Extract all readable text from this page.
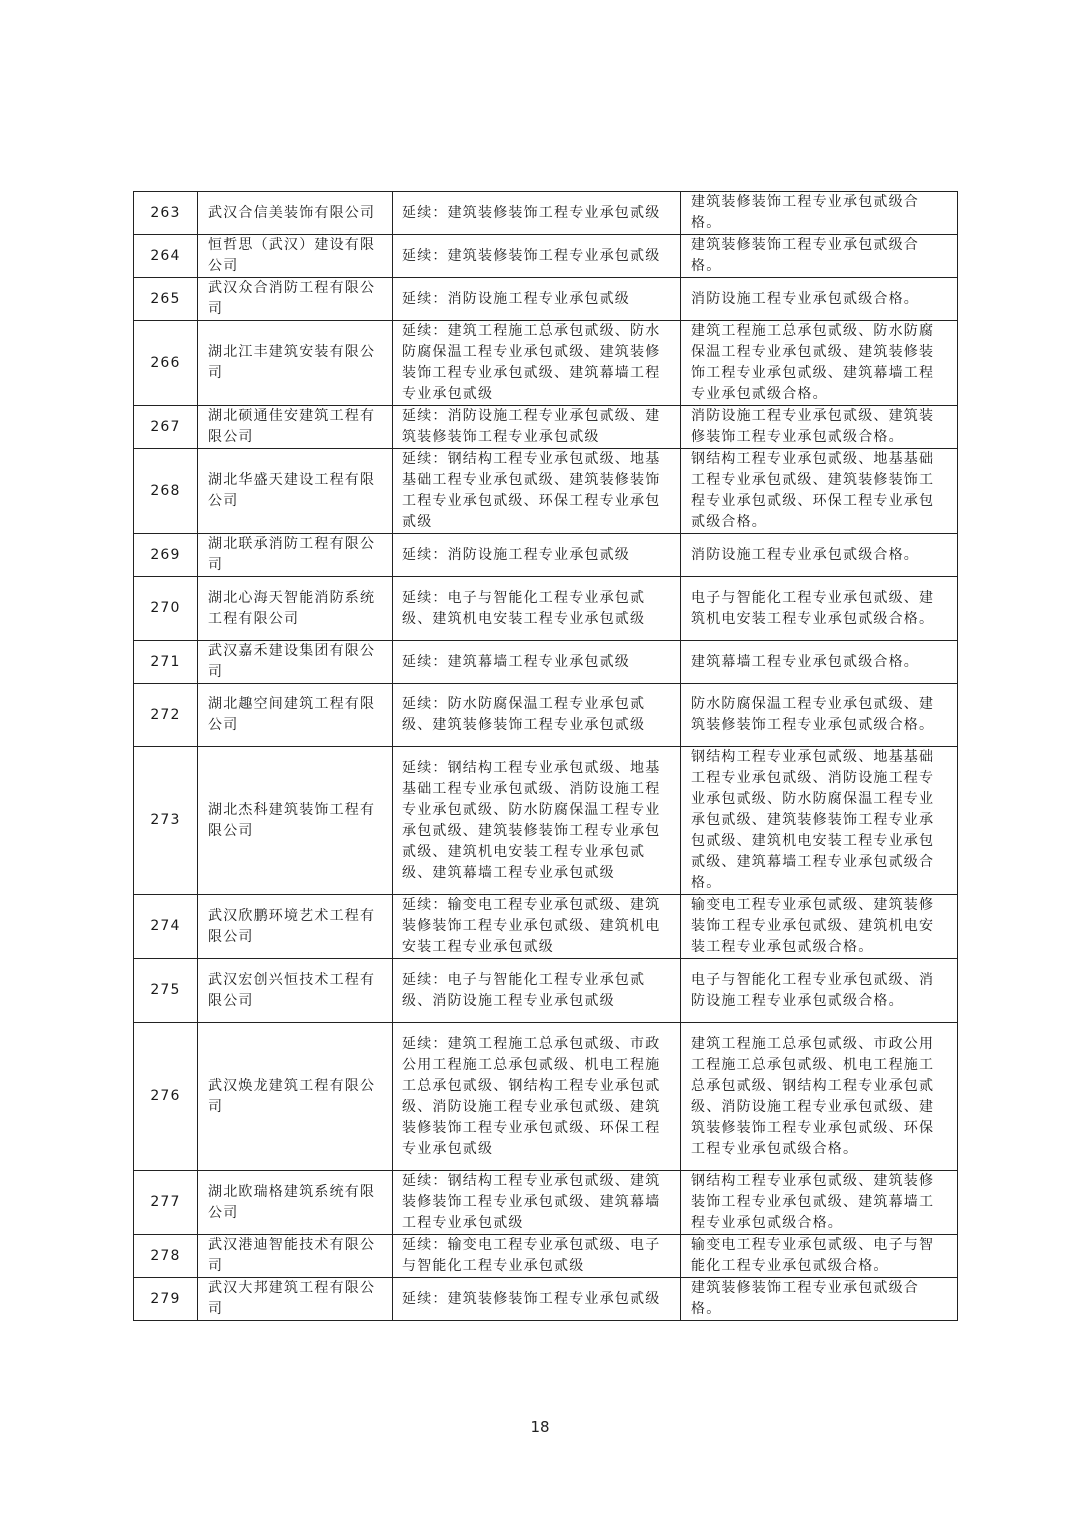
263	武汉合信美装饰有限公司	延续：建筑装修装饰工程专业承包贰级	建筑装修装饰工程专业承包贰级合格。

264	恒哲思（武汉）建设有限公司	延续：建筑装修装饰工程专业承包贰级	建筑装修装饰工程专业承包贰级合格。

265	武汉众合消防工程有限公司	延续：消防设施工程专业承包贰级	消防设施工程专业承包贰级合格。

266	湖北江丰建筑安装有限公司	延续：建筑工程施工总承包贰级、防水防腐保温工程专业承包贰级、建筑装修装饰工程专业承包贰级、建筑幕墙工程专业承包贰级	建筑工程施工总承包贰级、防水防腐保温工程专业承包贰级、建筑装修装饰工程专业承包贰级、建筑幕墙工程专业承包贰级合格。

267	湖北硕通佳安建筑工程有限公司	延续：消防设施工程专业承包贰级、建筑装修装饰工程专业承包贰级	消防设施工程专业承包贰级、建筑装修装饰工程专业承包贰级合格。

268	湖北华盛天建设工程有限公司	延续：钢结构工程专业承包贰级、地基基础工程专业承包贰级、建筑装修装饰工程专业承包贰级、环保工程专业承包贰级	钢结构工程专业承包贰级、地基基础工程专业承包贰级、建筑装修装饰工程专业承包贰级、环保工程专业承包贰级合格。

269	湖北联承消防工程有限公司	延续：消防设施工程专业承包贰级	消防设施工程专业承包贰级合格。

270	湖北心海天智能消防系统工程有限公司	延续：电子与智能化工程专业承包贰级、建筑机电安装工程专业承包贰级	电子与智能化工程专业承包贰级、建筑机电安装工程专业承包贰级合格。

271	武汉嘉禾建设集团有限公司	延续：建筑幕墙工程专业承包贰级	建筑幕墙工程专业承包贰级合格。

272	湖北趣空间建筑工程有限公司	延续：防水防腐保温工程专业承包贰级、建筑装修装饰工程专业承包贰级	防水防腐保温工程专业承包贰级、建筑装修装饰工程专业承包贰级合格。

273	湖北杰科建筑装饰工程有限公司	延续：钢结构工程专业承包贰级、地基基础工程专业承包贰级、消防设施工程专业承包贰级、防水防腐保温工程专业承包贰级、建筑装修装饰工程专业承包贰级、建筑机电安装工程专业承包贰级、建筑幕墙工程专业承包贰级	钢结构工程专业承包贰级、地基基础工程专业承包贰级、消防设施工程专业承包贰级、防水防腐保温工程专业承包贰级、建筑装修装饰工程专业承包贰级、建筑机电安装工程专业承包贰级、建筑幕墙工程专业承包贰级合格。

274	武汉欣鹏环境艺术工程有限公司	延续：输变电工程专业承包贰级、建筑装修装饰工程专业承包贰级、建筑机电安装工程专业承包贰级	输变电工程专业承包贰级、建筑装修装饰工程专业承包贰级、建筑机电安装工程专业承包贰级合格。

275	武汉宏创兴恒技术工程有限公司	延续：电子与智能化工程专业承包贰级、消防设施工程专业承包贰级	电子与智能化工程专业承包贰级、消防设施工程专业承包贰级合格。

276	武汉焕龙建筑工程有限公司	延续：建筑工程施工总承包贰级、市政公用工程施工总承包贰级、机电工程施工总承包贰级、钢结构工程专业承包贰级、消防设施工程专业承包贰级、建筑装修装饰工程专业承包贰级、环保工程专业承包贰级	建筑工程施工总承包贰级、市政公用工程施工总承包贰级、机电工程施工总承包贰级、钢结构工程专业承包贰级、消防设施工程专业承包贰级、建筑装修装饰工程专业承包贰级、环保工程专业承包贰级合格。

277	湖北欧瑞格建筑系统有限公司	延续：钢结构工程专业承包贰级、建筑装修装饰工程专业承包贰级、建筑幕墙工程专业承包贰级	钢结构工程专业承包贰级、建筑装修装饰工程专业承包贰级、建筑幕墙工程专业承包贰级合格。

278	武汉港迪智能技术有限公司	延续：输变电工程专业承包贰级、电子与智能化工程专业承包贰级	输变电工程专业承包贰级、电子与智能化工程专业承包贰级合格。

279	武汉大邦建筑工程有限公司	延续：建筑装修装饰工程专业承包贰级	建筑装修装饰工程专业承包贰级合格。
18
